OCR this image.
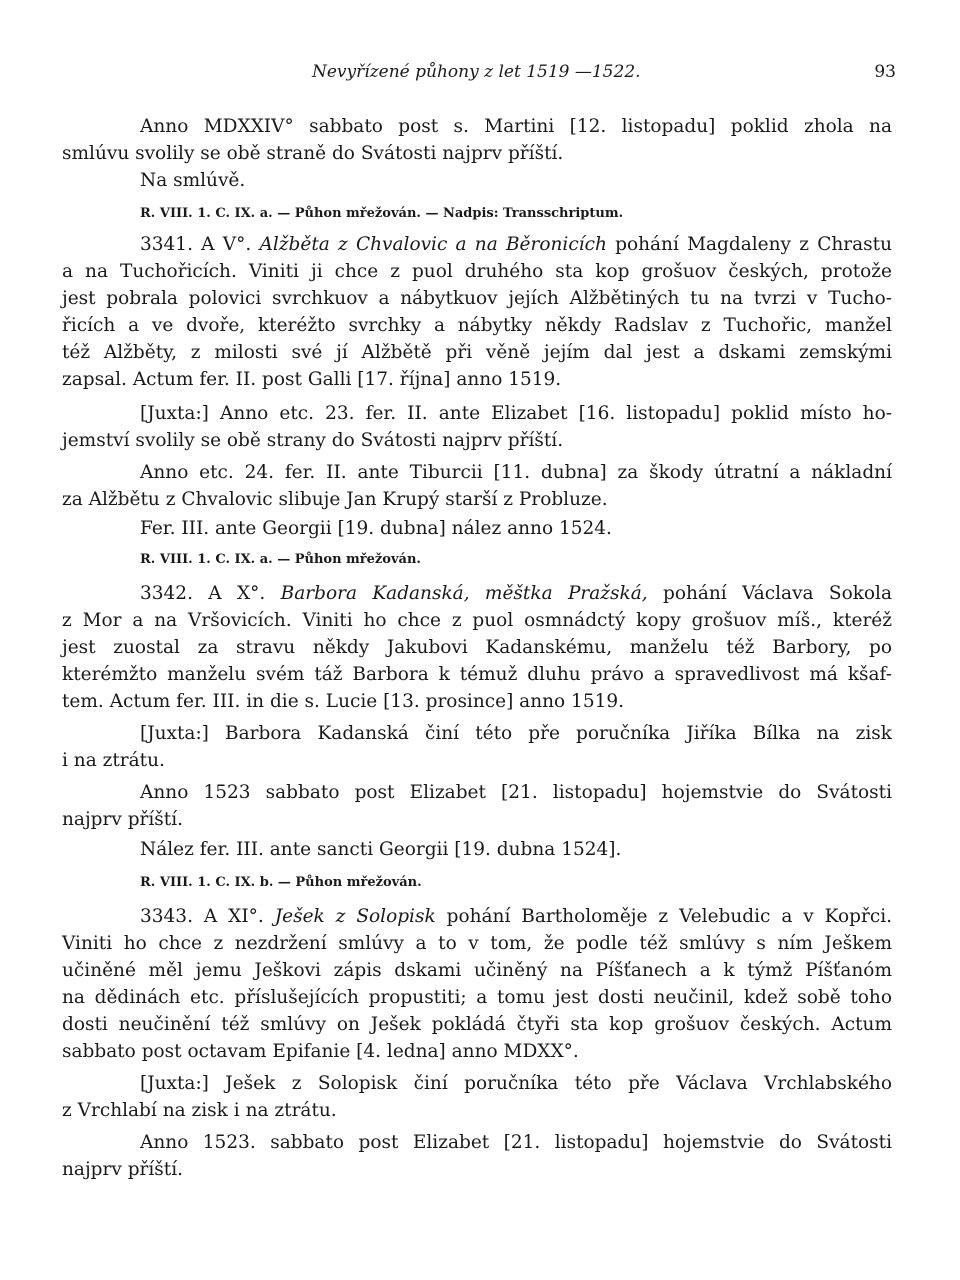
Nevyřízené půhony z let 1519 —1522.	93
Anno MDXXIV° sabbato post s. Martini [12. listopadu] poklid zhola na
smlúvu svolily se obě straně do Svátosti najprv příští.
Na smlúvě.
R. VIII. 1. C. IX. a. — Půhon mřežován. — Nadpis: Transschriptum.
3341. A V°. Alžběta z Chvalovic a na Běronicích pohání Magdaleny z Chrastu
a na Tuchořicích. Viniti ji chce z puol druhého sta kop grošuov českých, protože
jest pobrala polovici svrchkuov a nábytkuov jejích Alžbětiných tu na tvrzi v Tucho-
řicích a ve dvoře, kteréžto svrchky a nábytky někdy Radslav z Tuchořic, manžel
též Alžběty, z milosti své jí Alžbětě při věně jejím dal jest a dskami zemskými
zapsal. Actum fer. II. post Galli [17. října] anno 1519.
[Juxta:] Anno etc. 23. fer. II. ante Elizabet [16. listopadu] poklid místo ho-
jemství svolily se obě strany do Svátosti najprv příští.
Anno etc. 24. fer. II. ante Tiburcii [11. dubna] za škody útratní a nákladní
za Alžbětu z Chvalovic slibuje Jan Krupý starší z Probluze.
Fer. III. ante Georgii [19. dubna] nález anno 1524.
R. VIII. 1. C. IX. a. — Půhon mřežován.
3342. A X°. Barbora Kadanská, měštka Pražská, pohání Václava Sokola
z Mor a na Vršovicích. Viniti ho chce z puol osmnádctý kopy grošuov míš., kteréž
jest zuostal za stravu někdy Jakubovi Kadanskému, manželu též Barbory, po
kterémžto manželu svém táž Barbora k témuž dluhu právo a spravedlivost má kšaf-
tem. Actum fer. III. in die s. Lucie [13. prosince] anno 1519.
[Juxta:] Barbora Kadanská činí této pře poručníka Jiříka Bílka na zisk
i na ztrátu.
Anno 1523 sabbato post Elizabet [21. listopadu] hojemstvie do Svátosti
najprv příští.
Nález fer. III. ante sancti Georgii [19. dubna 1524].
R. VIII. 1. C. IX. b. — Půhon mřežován.
3343. A XI°. Ješek z Solopisk pohání Bartholoměje z Velebudic a v Kopřci.
Viniti ho chce z nezdržení smlúvy a to v tom, že podle též smlúvy s ním Ješkem
učiněné měl jemu Ješkovi zápis dskami učiněný na Píšťanech a k týmž Píšťanóm
na dědinách etc. příslušejících propustiti; a tomu jest dosti neučinil, kdež sobě toho
dosti neučinění též smlúvy on Ješek pokládá čtyři sta kop grošuov českých. Actum
sabbato post octavam Epifanie [4. ledna] anno MDXX°.
[Juxta:] Ješek z Solopisk činí poručníka této pře Václava Vrchlabského
z Vrchlabí na zisk i na ztrátu.
Anno 1523. sabbato post Elizabet [21. listopadu] hojemstvie do Svátosti
najprv příští.
